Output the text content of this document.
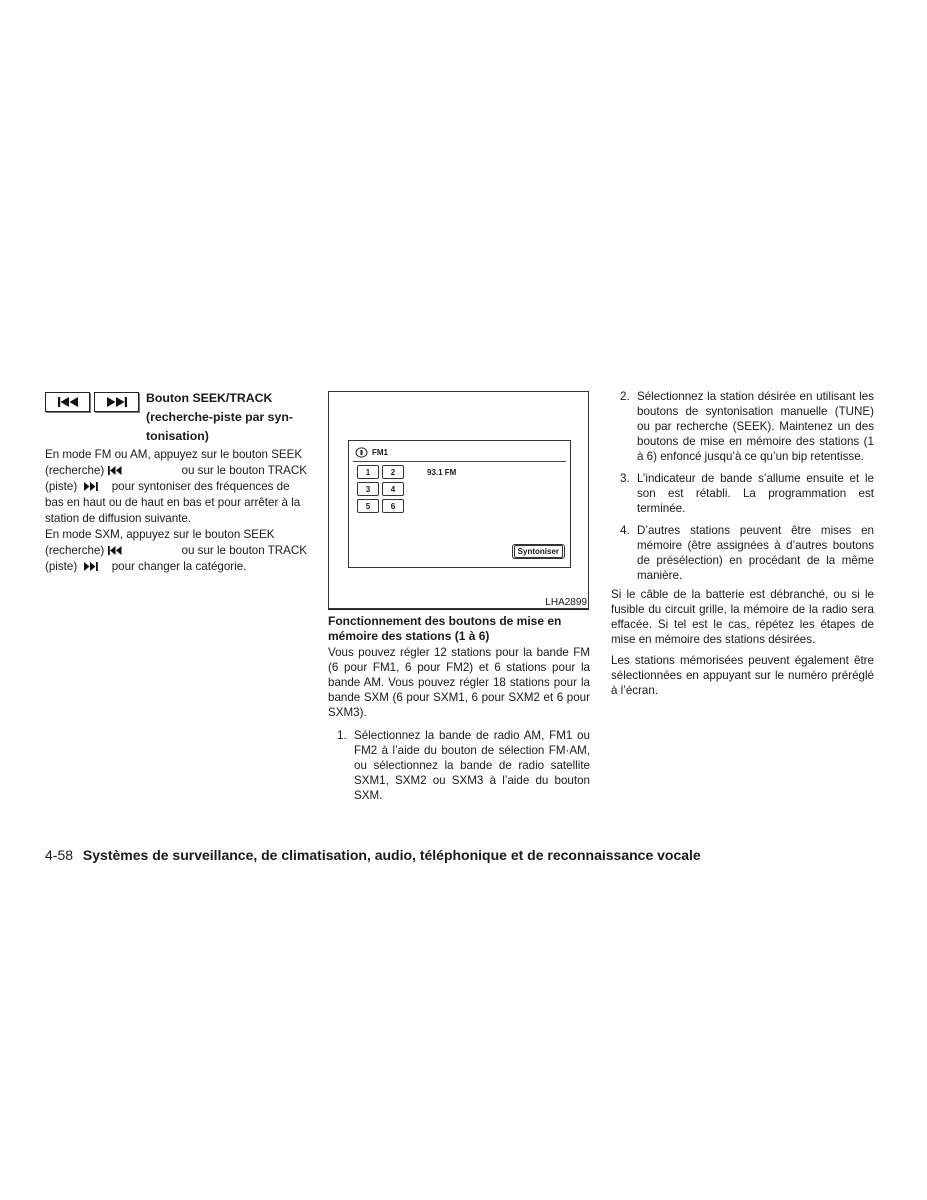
Bouton SEEK/TRACK
(recherche-piste par syn-
tonisation)
En mode FM ou AM, appuyez sur le bouton SEEK
(recherche)	ou sur le bouton TRACK
(piste)	pour syntoniser des fréquences de
bas en haut ou de haut en bas et pour arrêter à la
station de diffusion suivante.
En mode SXM, appuyez sur le bouton SEEK
(recherche)	ou sur le bouton TRACK
(piste)	pour changer la catégorie.
FM1
1	2
3	4
5	6
93.1 FM
Syntoniser
LHA2899

Fonctionnement des boutons de mise en mémoire des stations (1 à 6)

Vous pouvez régler 12 stations pour la bande FM (6 pour FM1, 6 pour FM2) et 6 stations pour la bande AM. Vous pouvez régler 18 stations pour la bande SXM (6 pour SXM1, 6 pour SXM2 et 6 pour SXM3).

1. Sélectionnez la bande de radio AM, FM1 ou FM2 à l’aide du bouton de sélection FM·AM, ou sélectionnez la bande de radio satellite SXM1, SXM2 ou SXM3 à l’aide du bouton SXM.
2. Sélectionnez la station désirée en utilisant les boutons de syntonisation manuelle (TUNE) ou par recherche (SEEK). Maintenez un des boutons de mise en mémoire des stations (1 à 6) enfoncé jusqu’à ce qu’un bip retentisse.
3. L’indicateur de bande s’allume ensuite et le son est rétabli. La programmation est terminée.
4. D’autres stations peuvent être mises en mémoire (être assignées à d’autres boutons de présélection) en procédant de la même manière.

Si le câble de la batterie est débranché, ou si le fusible du circuit grille, la mémoire de la radio sera effacée. Si tel est le cas, répétez les étapes de mise en mémoire des stations désirées.

Les stations mémorisées peuvent également être sélectionnées en appuyant sur le numéro préréglé à l’écran.

4-58 Systèmes de surveillance, de climatisation, audio, téléphonique et de reconnaissance vocale
